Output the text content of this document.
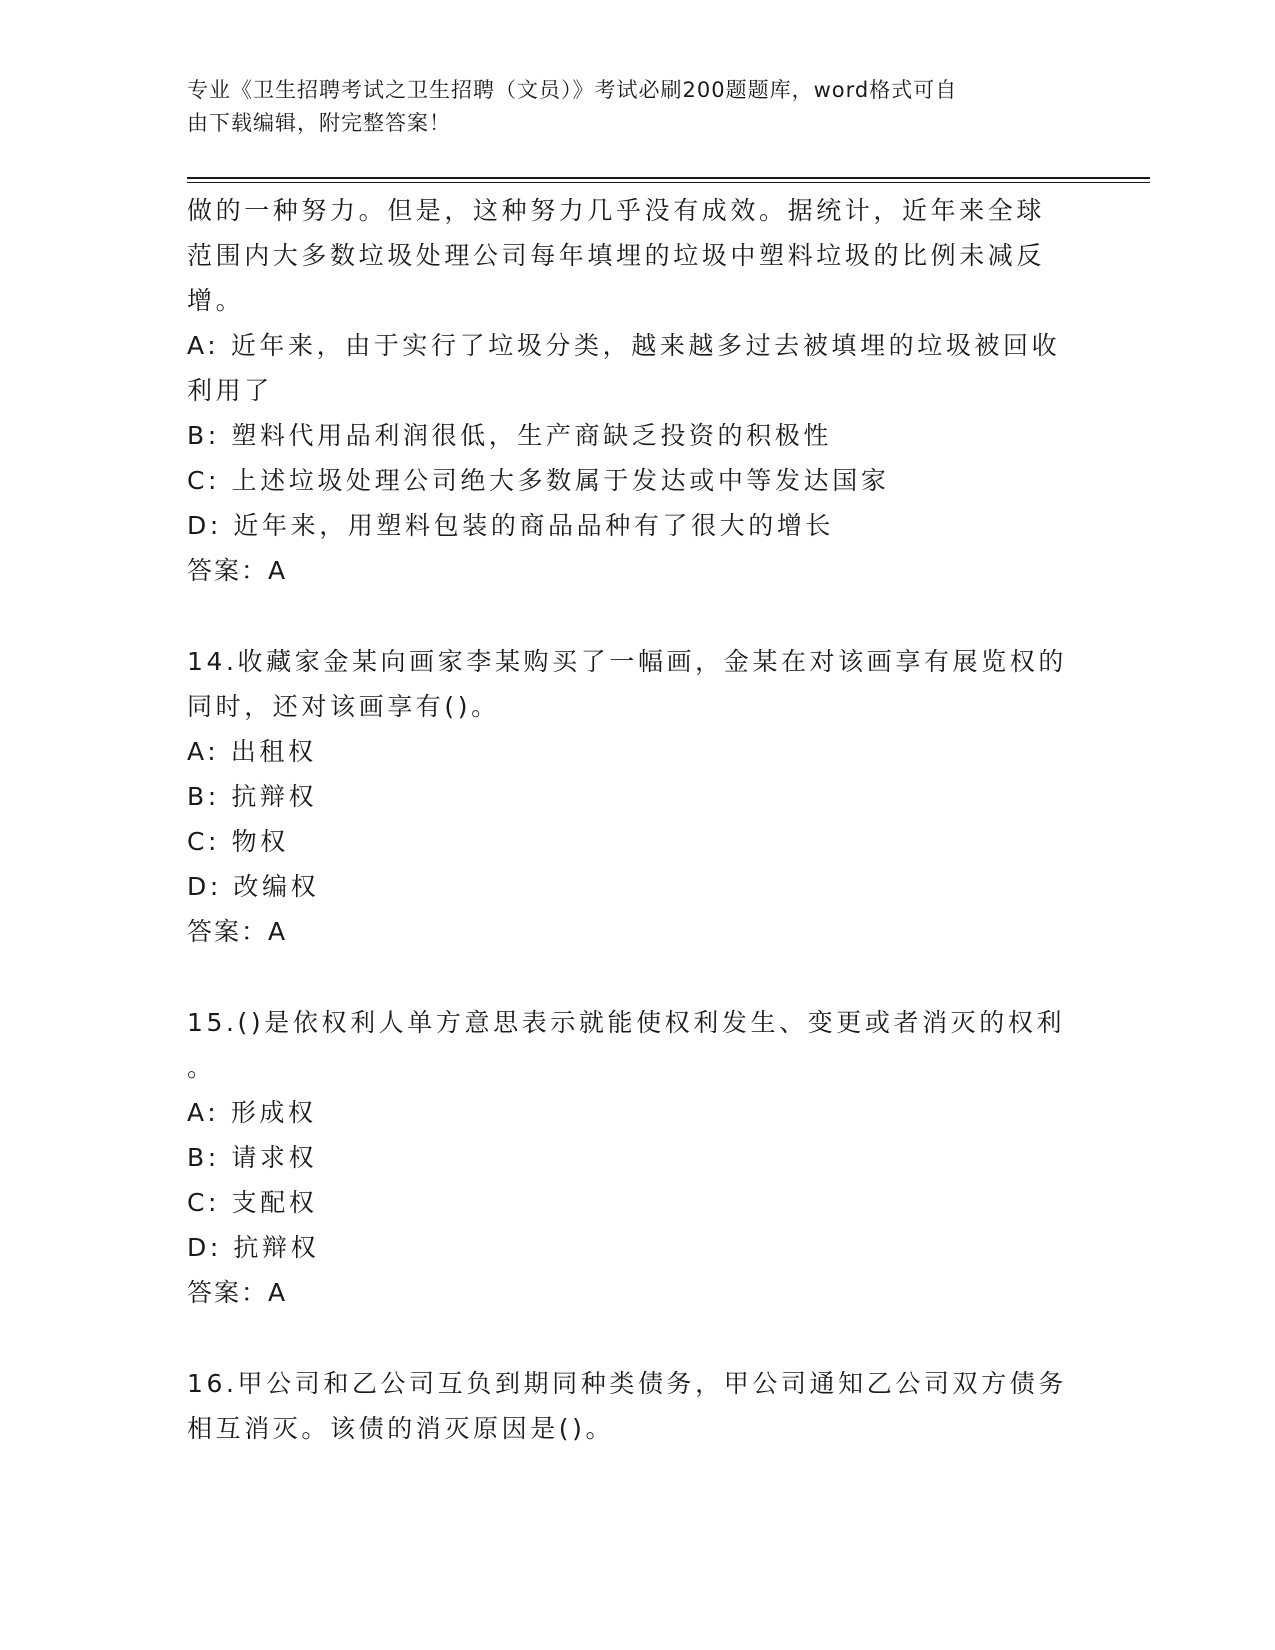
专业《卫生招聘考试之卫生招聘（文员）》考试必刷200题题库，word格式可自
由下载编辑，附完整答案！

做的一种努力。但是，这种努力几乎没有成效。据统计，近年来全球

范围内大多数垃圾处理公司每年填埋的垃圾中塑料垃圾的比例未减反

增。

A: 近年来，由于实行了垃圾分类，越来越多过去被填埋的垃圾被回收

利用了

B: 塑料代用品利润很低，生产商缺乏投资的积极性

C: 上述垃圾处理公司绝大多数属于发达或中等发达国家

D: 近年来，用塑料包装的商品品种有了很大的增长

答案：A

14.收藏家金某向画家李某购买了一幅画，金某在对该画享有展览权的

同时，还对该画享有()。

A: 出租权

B: 抗辩权

C: 物权

D: 改编权

答案：A

15.()是依权利人单方意思表示就能使权利发生、变更或者消灭的权利

。

A: 形成权

B: 请求权

C: 支配权

D: 抗辩权

答案：A

16.甲公司和乙公司互负到期同种类债务，甲公司通知乙公司双方债务

相互消灭。该债的消灭原因是()。
